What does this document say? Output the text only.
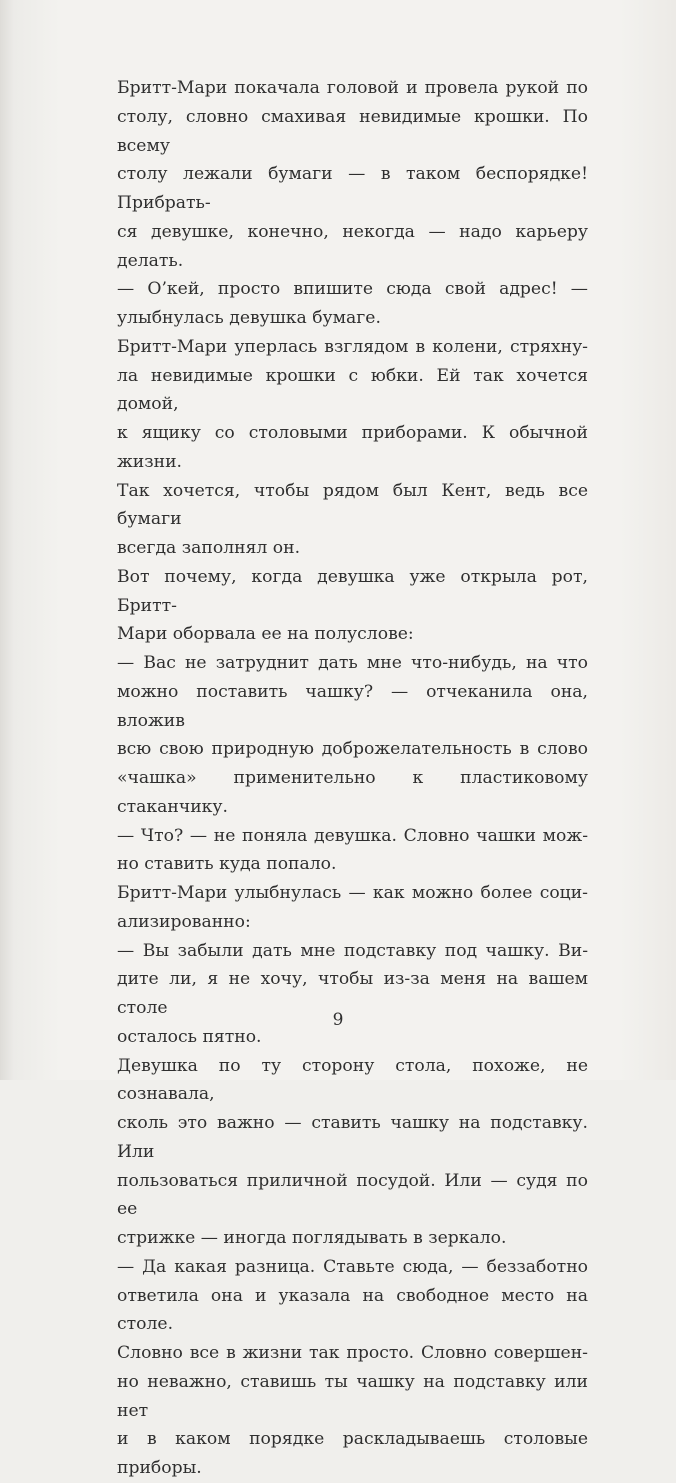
Бритт-Мари покачала головой и провела рукой по
столу, словно смахивая невидимые крошки. По всему
столу лежали бумаги — в таком беспорядке! Прибрать-
ся девушке, конечно, некогда — надо карьеру делать.
— О’кей, просто впишите сюда свой адрес! —
улыбнулась девушка бумаге.
Бритт-Мари уперлась взглядом в колени, стряхну-
ла невидимые крошки с юбки. Ей так хочется домой,
к ящику со столовыми приборами. К обычной жизни.
Так хочется, чтобы рядом был Кент, ведь все бумаги
всегда заполнял он.
Вот почему, когда девушка уже открыла рот, Бритт-
Мари оборвала ее на полуслове:
— Вас не затруднит дать мне что-нибудь, на что
можно поставить чашку? — отчеканила она, вложив
всю свою природную доброжелательность в слово
«чашка» применительно к пластиковому стаканчику.
— Что? — не поняла девушка. Словно чашки мож-
но ставить куда попало.
Бритт-Мари улыбнулась — как можно более соци-
ализированно:
— Вы забыли дать мне подставку под чашку. Ви-
дите ли, я не хочу, чтобы из-за меня на вашем столе
осталось пятно.
Девушка по ту сторону стола, похоже, не сознавала,
сколь это важно — ставить чашку на подставку. Или
пользоваться приличной посудой. Или — судя по ее
стрижке — иногда поглядывать в зеркало.
— Да какая разница. Ставьте сюда, — беззаботно
ответила она и указала на свободное место на столе.
Словно все в жизни так просто. Словно совершен-
но неважно, ставишь ты чашку на подставку или нет
и в каком порядке раскладываешь столовые приборы.
9
